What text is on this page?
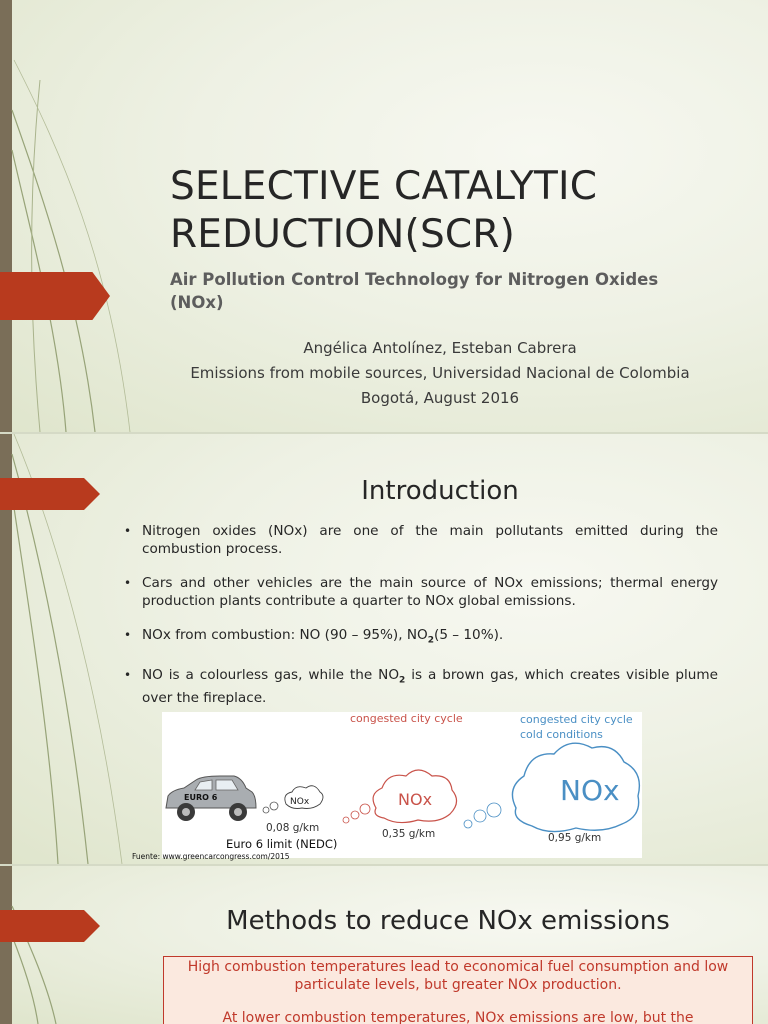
SELECTIVE CATALYTIC
REDUCTION(SCR)
Air Pollution Control Technology for Nitrogen Oxides (NOx)
Angélica Antolínez, Esteban Cabrera
Emissions from mobile sources, Universidad Nacional de Colombia
Bogotá, August 2016
Introduction
• Nitrogen oxides (NOx) are one of the main pollutants emitted during the combustion process.
• Cars and other vehicles are the main source of NOx emissions; thermal energy production plants contribute a quarter to NOx global emissions.
• NOx from combustion: NO (90 – 95%), $NO_2(5 - 10\%)$.
• NO is a colourless gas, while the $NO_2$ is a brown gas, which creates visible plume over the fireplace.
congested city cycle	congested city cycle
cold conditions
EURO 6	NOx	NOx	NOx
0,08 g/km	0,35 g/km	0,95 g/km
Euro 6 limit (NEDC)
Fuente: www.greencarcongress.com/2015
Methods to reduce NOx emissions

High combustion temperatures lead to economical fuel consumption and low particulate levels, but greater NOx production.

At lower combustion temperatures, NOx emissions are low, but the
